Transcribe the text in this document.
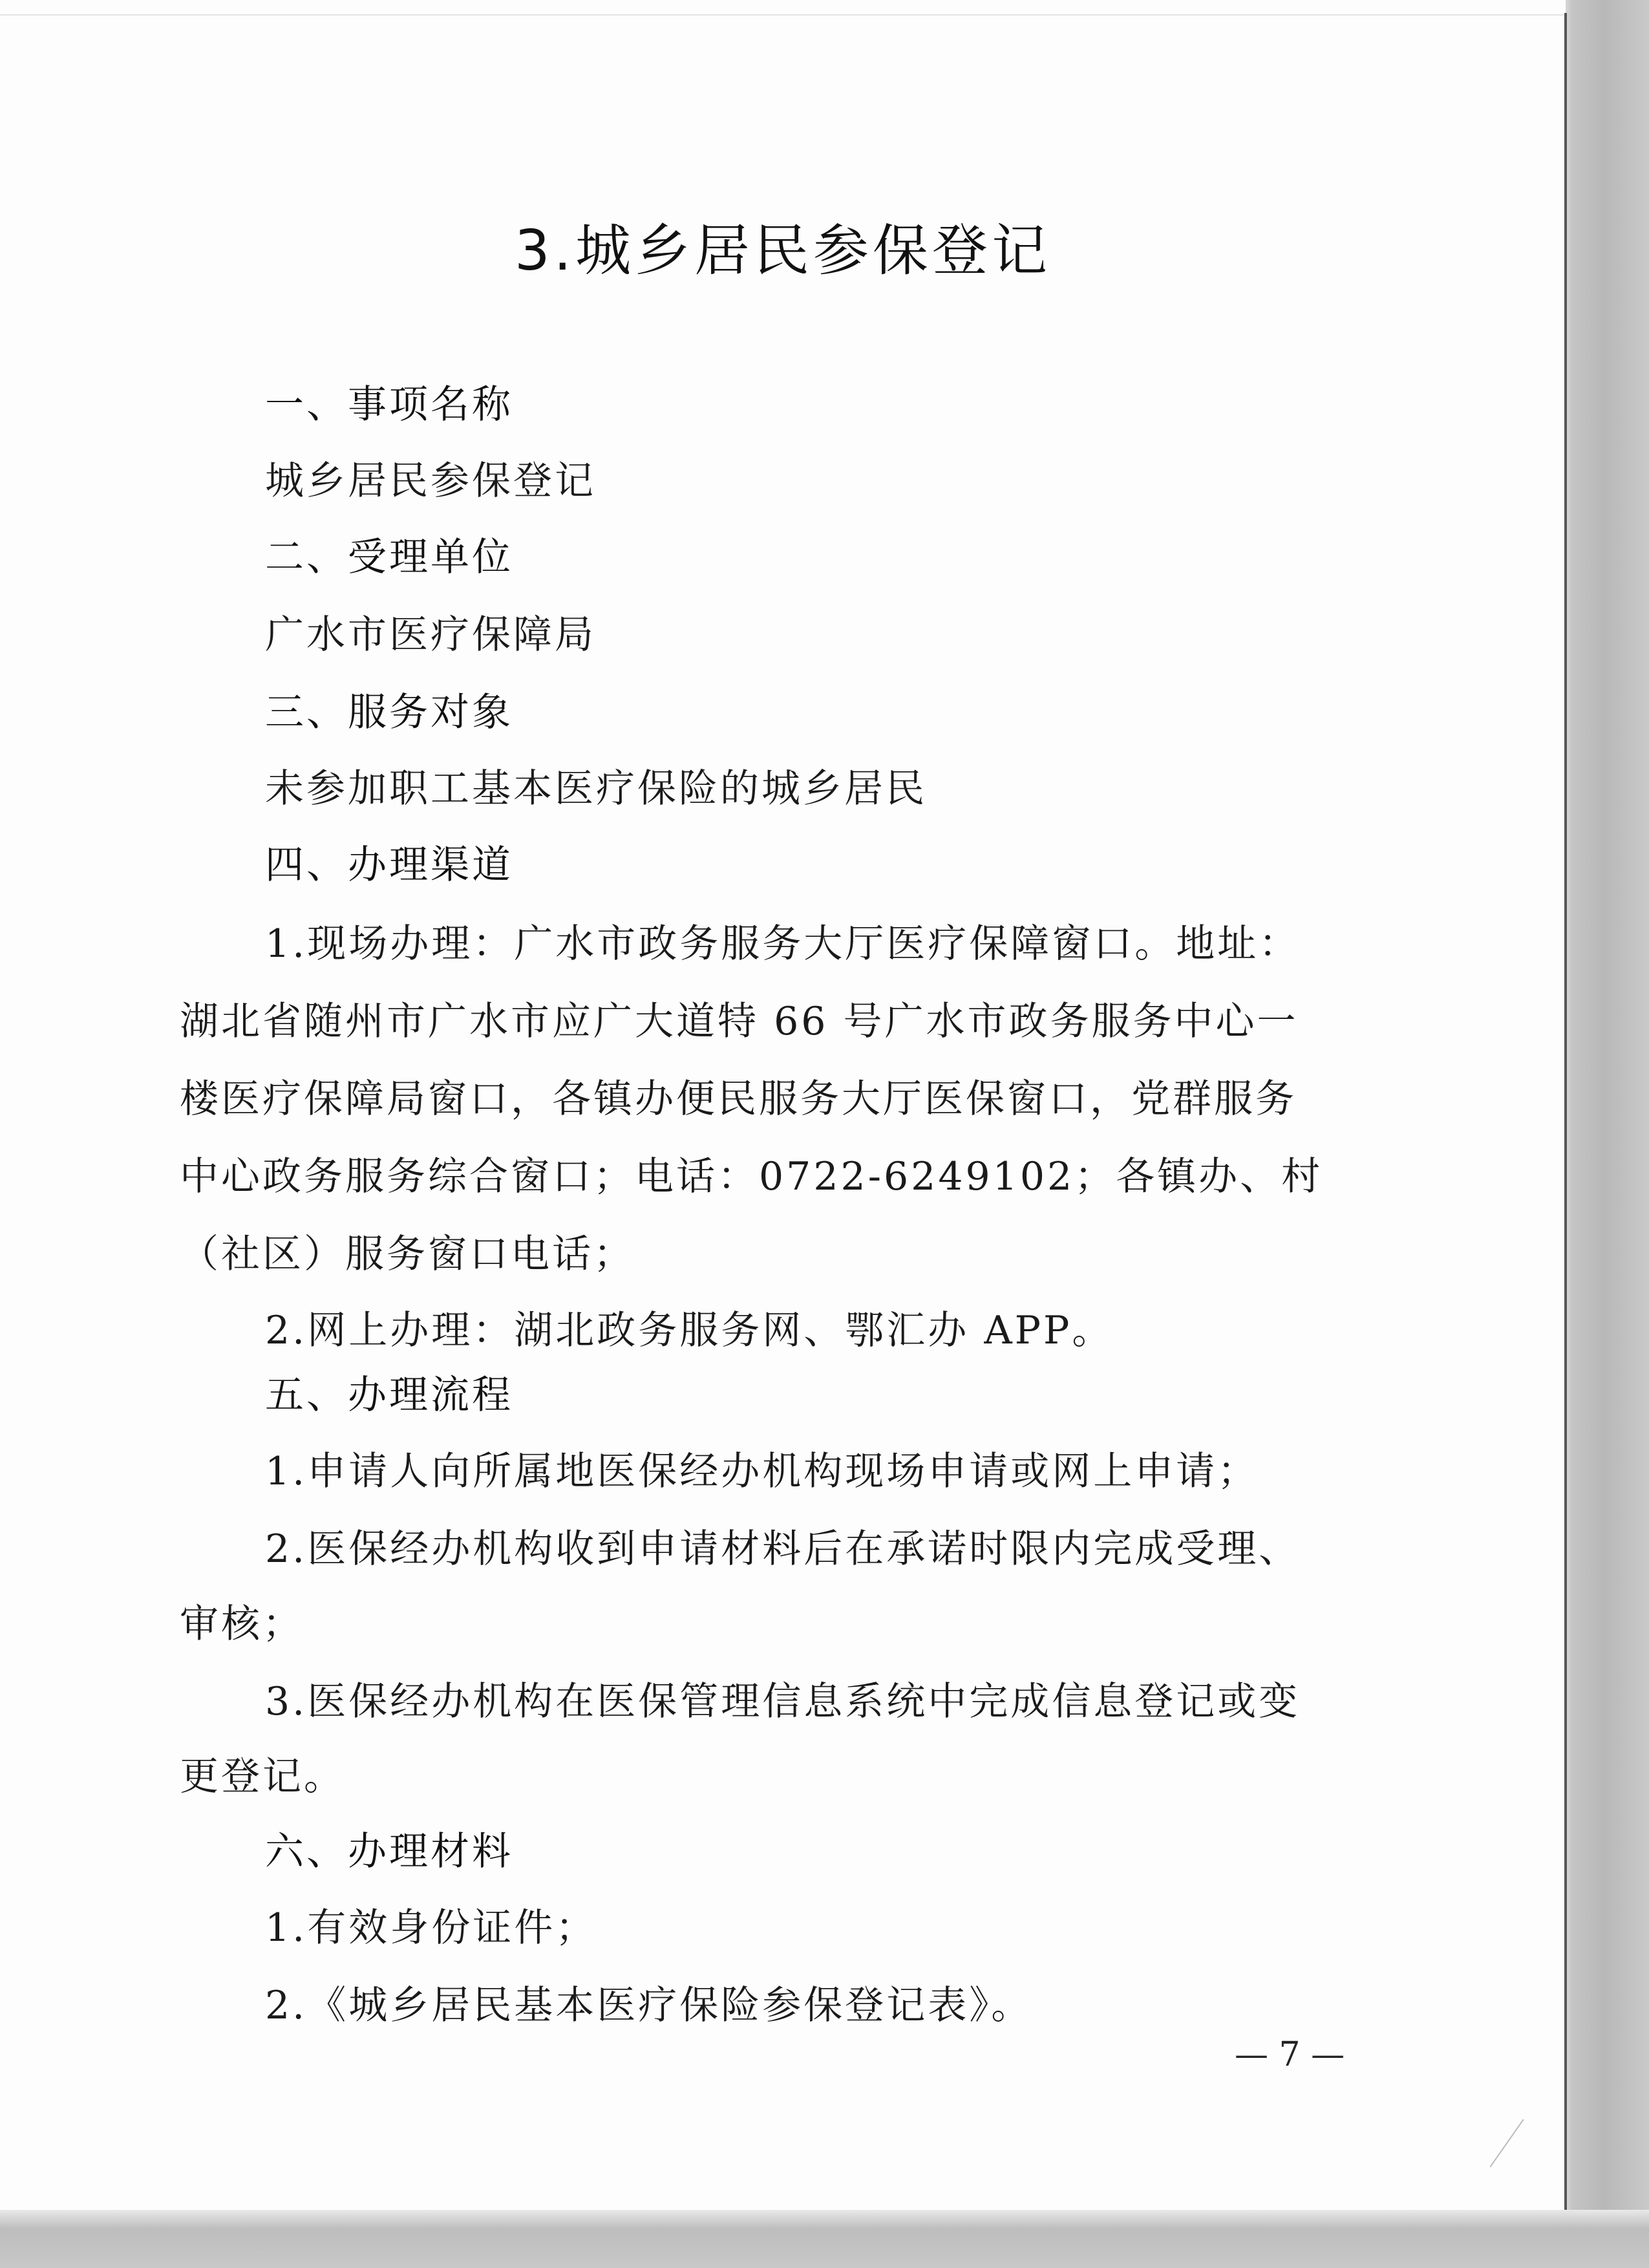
3.城乡居民参保登记
一、事项名称
城乡居民参保登记
二、受理单位
广水市医疗保障局
三、服务对象
未参加职工基本医疗保险的城乡居民
四、办理渠道
1.现场办理：广水市政务服务大厅医疗保障窗口。地址：
湖北省随州市广水市应广大道特 66 号广水市政务服务中心一
楼医疗保障局窗口，各镇办便民服务大厅医保窗口，党群服务
中心政务服务综合窗口；电话：0722-6249102；各镇办、村
（社区）服务窗口电话；
2.网上办理：湖北政务服务网、鄂汇办 APP。
五、办理流程
1.申请人向所属地医保经办机构现场申请或网上申请；
2.医保经办机构收到申请材料后在承诺时限内完成受理、
审核；
3.医保经办机构在医保管理信息系统中完成信息登记或变
更登记。
六、办理材料
1.有效身份证件；
2.《城乡居民基本医疗保险参保登记表》。
— 7 —
